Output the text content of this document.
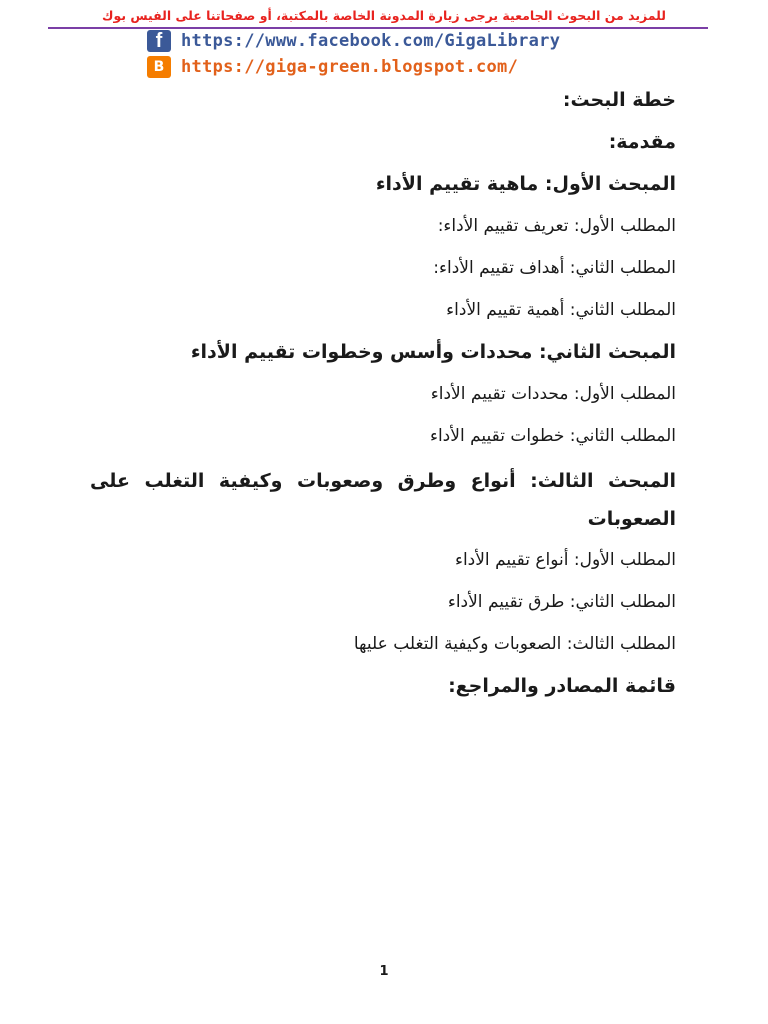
للمزيد من البحوث الجامعية يرجى زيارة المدونة الخاصة بالمكتبة، أو صفحاتنا على الفيس بوك
f	https://www.facebook.com/GigaLibrary
B https://giga-green.blogspot.com/

خطة البحث:

مقدمة:

المبحث الأول: ماهية تقييم الأداء

المطلب الأول: تعريف تقييم الأداء:

المطلب الثاني: أهداف تقييم الأداء:

المطلب الثاني: أهمية تقييم الأداء

المبحث الثاني: محددات وأسس وخطوات تقييم الأداء

المطلب الأول: محددات تقييم الأداء

المطلب الثاني: خطوات تقييم الأداء

المبحث الثالث: أنواع وطرق وصعوبات وكيفية التغلب على الصعوبات

المطلب الأول: أنواع تقييم الأداء

المطلب الثاني: طرق تقييم الأداء

المطلب الثالث: الصعوبات وكيفية التغلب عليها

قائمة المصادر والمراجع:

1
